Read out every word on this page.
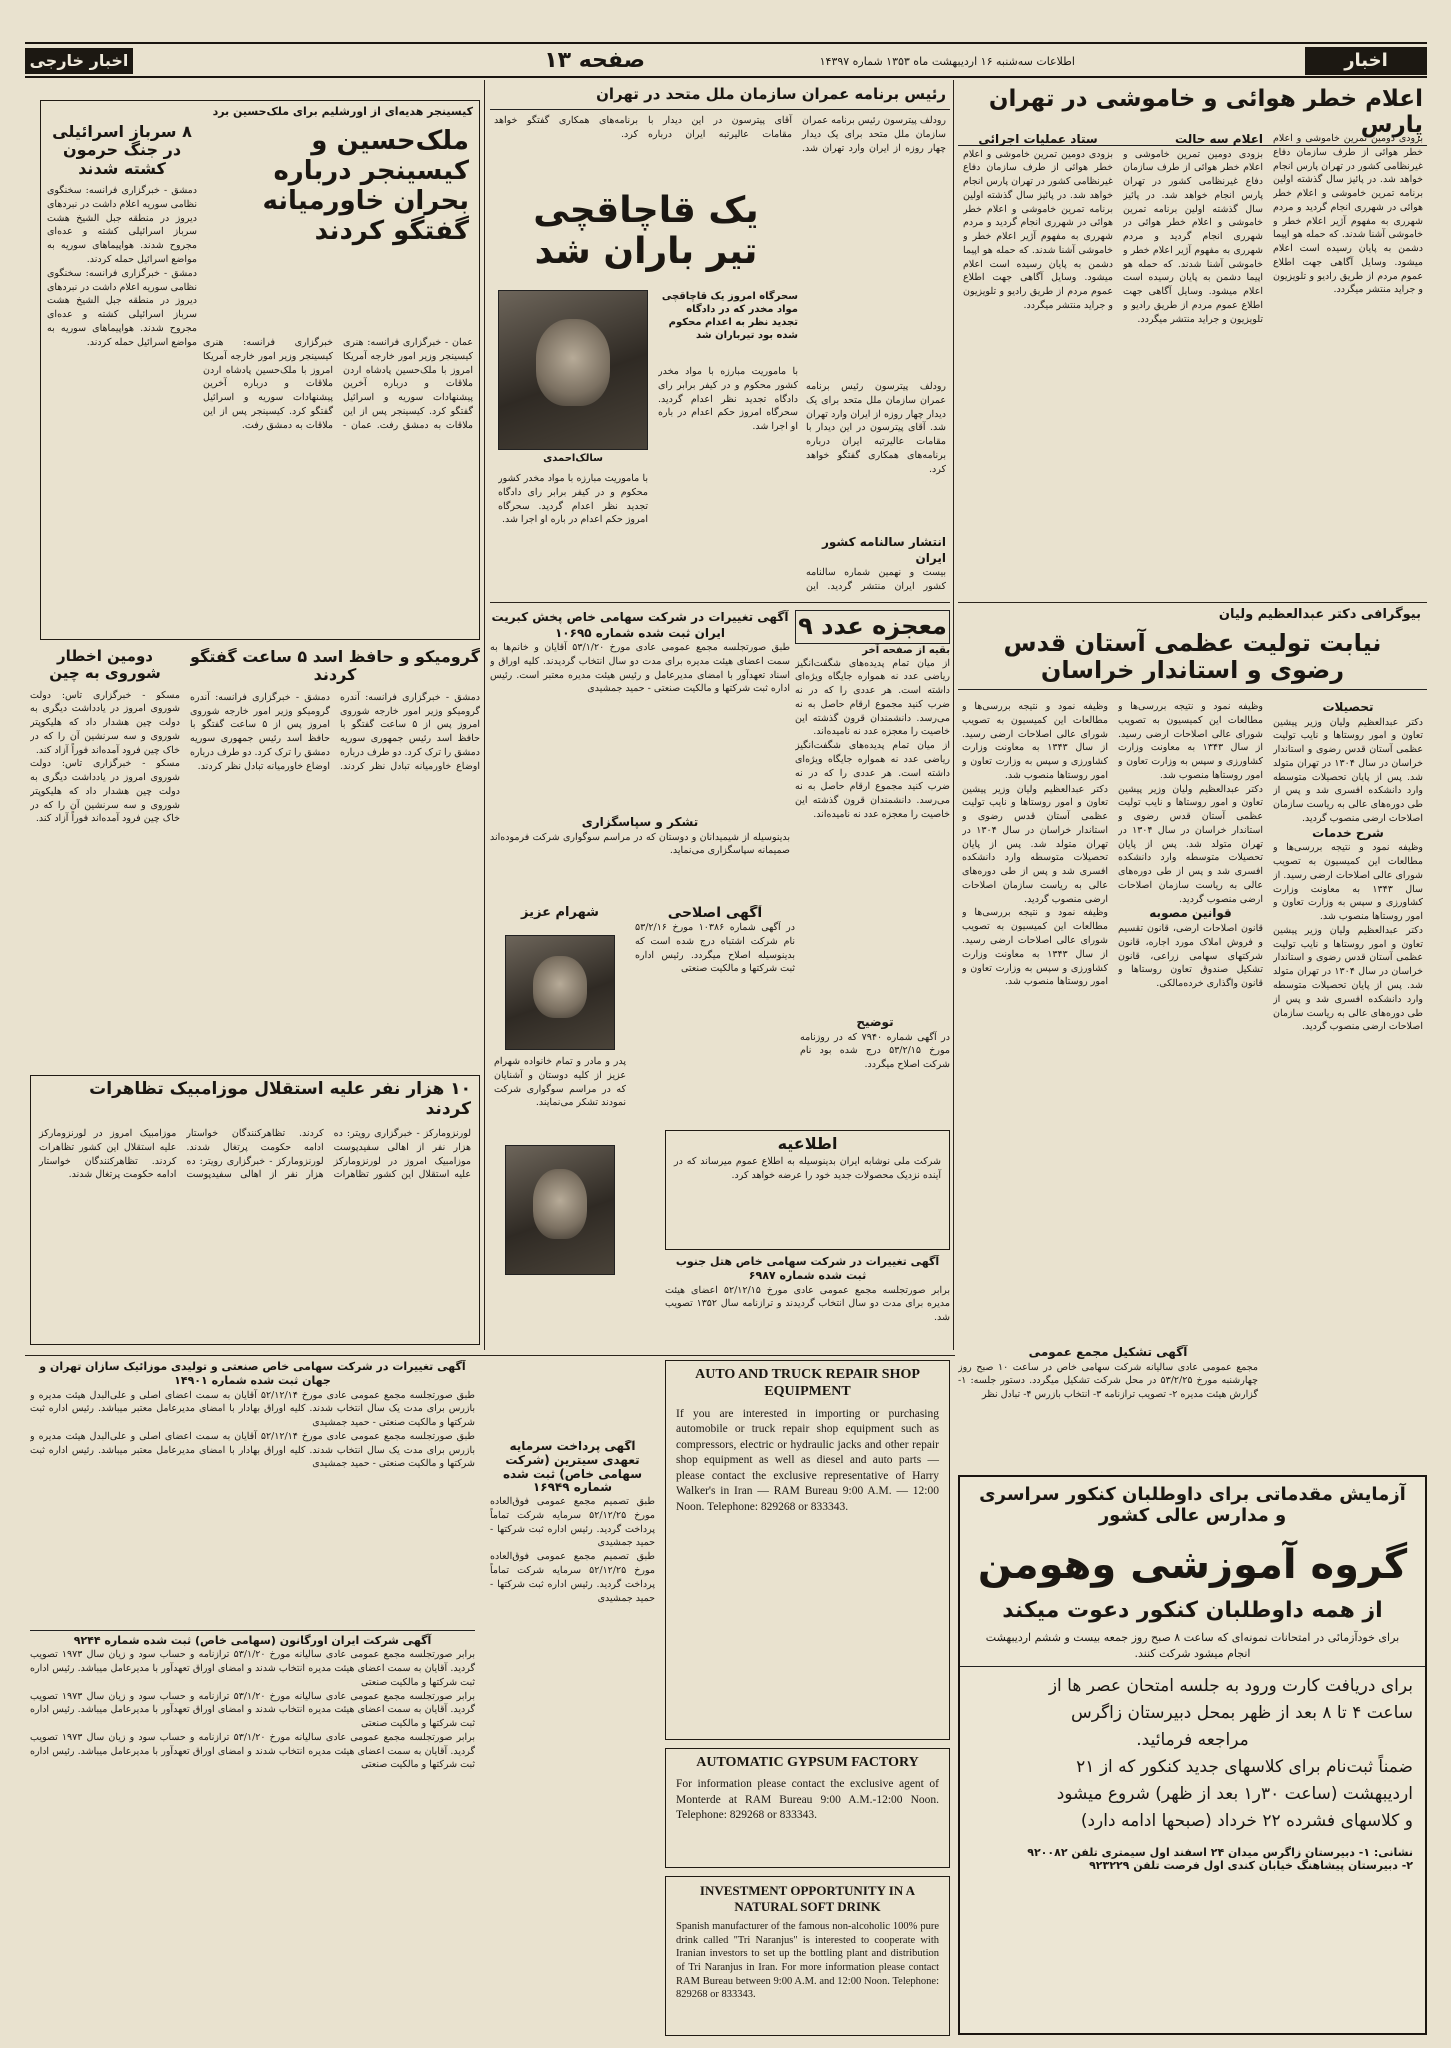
اخبار خارجی	صفحه ۱۳	اطلاعات سه‌شنبه ۱۶ اردیبهشت ماه ۱۳۵۳ شماره ۱۴۳۹۷	اخبار
اعلام خطر هوائی و خاموشی در تهران پارس
بزودی دومین تمرین خاموشی و اعلام خطر هوائی از طرف سازمان دفاع غیرنظامی کشور در تهران پارس انجام خواهد شد. در پائیز سال گذشته اولین برنامه تمرین خاموشی و اعلام خطر هوائی در شهرری انجام گردید و مردم شهرری به مفهوم آژیر اعلام خطر و خاموشی آشنا شدند. که حمله هو اپیما دشمن به پایان رسیده است اعلام میشود. وسایل آگاهی جهت اطلاع عموم مردم از طریق رادیو و تلویزیون و جراید منتشر میگردد.
اعلام سه حالت
بزودی دومین تمرین خاموشی و اعلام خطر هوائی از طرف سازمان دفاع غیرنظامی کشور در تهران پارس انجام خواهد شد. در پائیز سال گذشته اولین برنامه تمرین خاموشی و اعلام خطر هوائی در شهرری انجام گردید و مردم شهرری به مفهوم آژیر اعلام خطر و خاموشی آشنا شدند. که حمله هو اپیما دشمن به پایان رسیده است اعلام میشود. وسایل آگاهی جهت اطلاع عموم مردم از طریق رادیو و تلویزیون و جراید منتشر میگردد.
ستاد عملیات اجرائی
بزودی دومین تمرین خاموشی و اعلام خطر هوائی از طرف سازمان دفاع غیرنظامی کشور در تهران پارس انجام خواهد شد. در پائیز سال گذشته اولین برنامه تمرین خاموشی و اعلام خطر هوائی در شهرری انجام گردید و مردم شهرری به مفهوم آژیر اعلام خطر و خاموشی آشنا شدند. که حمله هو اپیما دشمن به پایان رسیده است اعلام میشود. وسایل آگاهی جهت اطلاع عموم مردم از طریق رادیو و تلویزیون و جراید منتشر میگردد.
رئیس برنامه عمران سازمان ملل متحد در تهران
رودلف پیترسون رئیس برنامه عمران سازمان ملل متحد برای یک دیدار چهار روزه از ایران وارد تهران شد. آقای پیترسون در این دیدار با مقامات عالیرتبه ایران درباره برنامه‌های همکاری گفتگو خواهد کرد.
رودلف پیترسون رئیس برنامه عمران سازمان ملل متحد برای یک دیدار چهار روزه از ایران وارد تهران شد. آقای پیترسون در این دیدار با مقامات عالیرتبه ایران درباره برنامه‌های همکاری گفتگو خواهد کرد.
انتشار سالنامه کشور ایران
بیست و نهمین شماره سالنامه کشور ایران منتشر گردید. این
یک قاچاقچی
تیر باران شد
سالک‌احمدی
سحرگاه امروز یک قاچاقچی مواد مخدر که در دادگاه تجدید نظر به اعدام محکوم شده بود تیرباران شد
با ماموریت مبارزه با مواد مخدر کشور محکوم و در کیفر برابر رای دادگاه تجدید نظر اعدام گردید. سحرگاه امروز حکم اعدام در باره او اجرا شد.
با ماموریت مبارزه با مواد مخدر کشور محکوم و در کیفر برابر رای دادگاه تجدید نظر اعدام گردید. سحرگاه امروز حکم اعدام در باره او اجرا شد.
کیسینجر هدیه‌ای از اورشلیم برای ملک‌حسین برد
ملک‌حسین و کیسینجر درباره بحران خاورمیانه گفتگو کردند
عمان - خبرگزاری فرانسه: هنری کیسینجر وزیر امور خارجه آمریکا امروز با ملک‌حسین پادشاه اردن ملاقات و درباره آخرین پیشنهادات سوریه و اسرائیل گفتگو کرد. کیسینجر پس از این ملاقات به دمشق رفت. عمان - خبرگزاری فرانسه: هنری کیسینجر وزیر امور خارجه آمریکا امروز با ملک‌حسین پادشاه اردن ملاقات و درباره آخرین پیشنهادات سوریه و اسرائیل گفتگو کرد. کیسینجر پس از این ملاقات به دمشق رفت.
۸ سرباز اسرائیلی در جنگ حرمون کشته شدند
دمشق - خبرگزاری فرانسه: سخنگوی نظامی سوریه اعلام داشت در نبردهای دیروز در منطقه جبل الشیخ هشت سرباز اسرائیلی کشته و عده‌ای مجروح شدند. هواپیماهای سوریه به مواضع اسرائیل حمله کردند.
دمشق - خبرگزاری فرانسه: سخنگوی نظامی سوریه اعلام داشت در نبردهای دیروز در منطقه جبل الشیخ هشت سرباز اسرائیلی کشته و عده‌ای مجروح شدند. هواپیماهای سوریه به مواضع اسرائیل حمله کردند.
دومین اخطار شوروی به چین
مسکو - خبرگزاری تاس: دولت شوروی امروز در یادداشت دیگری به دولت چین هشدار داد که هلیکوپتر شوروی و سه سرنشین آن را که در خاک چین فرود آمده‌اند فوراً آزاد کند.
مسکو - خبرگزاری تاس: دولت شوروی امروز در یادداشت دیگری به دولت چین هشدار داد که هلیکوپتر شوروی و سه سرنشین آن را که در خاک چین فرود آمده‌اند فوراً آزاد کند.
گرومیکو و حافظ اسد ۵ ساعت گفتگو کردند
دمشق - خبرگزاری فرانسه: آندره گرومیکو وزیر امور خارجه شوروی امروز پس از ۵ ساعت گفتگو با حافظ اسد رئیس جمهوری سوریه دمشق را ترک کرد. دو طرف درباره اوضاع خاورمیانه تبادل نظر کردند. دمشق - خبرگزاری فرانسه: آندره گرومیکو وزیر امور خارجه شوروی امروز پس از ۵ ساعت گفتگو با حافظ اسد رئیس جمهوری سوریه دمشق را ترک کرد. دو طرف درباره اوضاع خاورمیانه تبادل نظر کردند.
۱۰ هزار نفر علیه استقلال موزامبیک تظاهرات کردند
لورنزومارکز - خبرگزاری رویتر: ده هزار نفر از اهالی سفیدپوست موزامبیک امروز در لورنزومارکز علیه استقلال این کشور تظاهرات کردند. تظاهرکنندگان خواستار ادامه حکومت پرتغال شدند. لورنزومارکز - خبرگزاری رویتر: ده هزار نفر از اهالی سفیدپوست موزامبیک امروز در لورنزومارکز علیه استقلال این کشور تظاهرات کردند. تظاهرکنندگان خواستار ادامه حکومت پرتغال شدند.
آگهی تغییرات در شرکت سهامی خاص پخش کبریت ایران ثبت شده شماره ۱۰۶۹۵
طبق صورتجلسه مجمع عمومی عادی مورخ ۵۳/۱/۲۰ آقایان و خانم‌ها به سمت اعضای هیئت مدیره برای مدت دو سال انتخاب گردیدند. کلیه اوراق و اسناد تعهدآور با امضای مدیرعامل و رئیس هیئت مدیره معتبر است. رئیس اداره ثبت شرکتها و مالکیت صنعتی - حمید جمشیدی
تشکر و سپاسگزاری
بدینوسیله از شیمیدانان و دوستان که در مراسم سوگواری شرکت فرموده‌اند صمیمانه سپاسگزاری می‌نماید.
معجزه عدد ۹
بقیه از صفحه آخر
از میان تمام پدیده‌های شگفت‌انگیز ریاضی عدد نه همواره جایگاه ویژه‌ای داشته است. هر عددی را که در نه ضرب کنید مجموع ارقام حاصل به نه می‌رسد. دانشمندان قرون گذشته این خاصیت را معجزه عدد نه نامیده‌اند.
از میان تمام پدیده‌های شگفت‌انگیز ریاضی عدد نه همواره جایگاه ویژه‌ای داشته است. هر عددی را که در نه ضرب کنید مجموع ارقام حاصل به نه می‌رسد. دانشمندان قرون گذشته این خاصیت را معجزه عدد نه نامیده‌اند.
شهرام عزیز
پدر و مادر و تمام خانواده شهرام عزیز از کلیه دوستان و آشنایان که در مراسم سوگواری شرکت نمودند تشکر می‌نمایند.
آگهی اصلاحی
در آگهی شماره ۱۰۳۸۶ مورخ ۵۳/۲/۱۶ نام شرکت اشتباه درج شده است که بدینوسیله اصلاح میگردد. رئیس اداره ثبت شرکتها و مالکیت صنعتی
توضیح
در آگهی شماره ۷۹۴۰ که در روزنامه مورخ ۵۳/۲/۱۵ درج شده بود نام شرکت اصلاح میگردد.
اطلاعیه
شرکت ملی نوشابه ایران بدینوسیله به اطلاع عموم میرساند که در آینده نزدیک محصولات جدید خود را عرضه خواهد کرد.
آگهی تغییرات در شرکت سهامی خاص هتل جنوب ثبت شده شماره ۶۹۸۷
برابر صورتجلسه مجمع عمومی عادی مورخ ۵۲/۱۲/۱۵ اعضای هیئت مدیره برای مدت دو سال انتخاب گردیدند و ترازنامه سال ۱۳۵۲ تصویب شد.
بیوگرافی دکتر عبدالعظیم ولیان
نیابت تولیت عظمی آستان قدس رضوی و استاندار خراسان
تحصیلات
دکتر عبدالعظیم ولیان وزیر پیشین تعاون و امور روستاها و نایب تولیت عظمی آستان قدس رضوی و استاندار خراسان در سال ۱۳۰۴ در تهران متولد شد. پس از پایان تحصیلات متوسطه وارد دانشکده افسری شد و پس از طی دوره‌های عالی به ریاست سازمان اصلاحات ارضی منصوب گردید.
شرح خدمات
وظیفه نمود و نتیجه بررسی‌ها و مطالعات این کمیسیون به تصویب شورای عالی اصلاحات ارضی رسید. از سال ۱۳۴۳ به معاونت وزارت کشاورزی و سپس به وزارت تعاون و امور روستاها منصوب شد.
دکتر عبدالعظیم ولیان وزیر پیشین تعاون و امور روستاها و نایب تولیت عظمی آستان قدس رضوی و استاندار خراسان در سال ۱۳۰۴ در تهران متولد شد. پس از پایان تحصیلات متوسطه وارد دانشکده افسری شد و پس از طی دوره‌های عالی به ریاست سازمان اصلاحات ارضی منصوب گردید.
وظیفه نمود و نتیجه بررسی‌ها و مطالعات این کمیسیون به تصویب شورای عالی اصلاحات ارضی رسید. از سال ۱۳۴۳ به معاونت وزارت کشاورزی و سپس به وزارت تعاون و امور روستاها منصوب شد.
دکتر عبدالعظیم ولیان وزیر پیشین تعاون و امور روستاها و نایب تولیت عظمی آستان قدس رضوی و استاندار خراسان در سال ۱۳۰۴ در تهران متولد شد. پس از پایان تحصیلات متوسطه وارد دانشکده افسری شد و پس از طی دوره‌های عالی به ریاست سازمان اصلاحات ارضی منصوب گردید.
قوانین مصوبه
قانون اصلاحات ارضی، قانون تقسیم و فروش املاک مورد اجاره، قانون شرکتهای سهامی زراعی، قانون تشکیل صندوق تعاون روستاها و قانون واگذاری خرده‌مالکی.
وظیفه نمود و نتیجه بررسی‌ها و مطالعات این کمیسیون به تصویب شورای عالی اصلاحات ارضی رسید. از سال ۱۳۴۳ به معاونت وزارت کشاورزی و سپس به وزارت تعاون و امور روستاها منصوب شد.
دکتر عبدالعظیم ولیان وزیر پیشین تعاون و امور روستاها و نایب تولیت عظمی آستان قدس رضوی و استاندار خراسان در سال ۱۳۰۴ در تهران متولد شد. پس از پایان تحصیلات متوسطه وارد دانشکده افسری شد و پس از طی دوره‌های عالی به ریاست سازمان اصلاحات ارضی منصوب گردید.
وظیفه نمود و نتیجه بررسی‌ها و مطالعات این کمیسیون به تصویب شورای عالی اصلاحات ارضی رسید. از سال ۱۳۴۳ به معاونت وزارت کشاورزی و سپس به وزارت تعاون و امور روستاها منصوب شد.
آگهی تشکیل مجمع عمومی
مجمع عمومی عادی سالیانه شرکت سهامی خاص در ساعت ۱۰ صبح روز چهارشنبه مورخ ۵۳/۲/۲۵ در محل شرکت تشکیل میگردد. دستور جلسه: ۱- گزارش هیئت مدیره ۲- تصویب ترازنامه ۳- انتخاب بازرس ۴- تبادل نظر
آگهی تغییرات در شرکت سهامی خاص صنعتی و تولیدی موزائیک سازان تهران و جهان ثبت شده شماره ۱۴۹۰۱
طبق صورتجلسه مجمع عمومی عادی مورخ ۵۲/۱۲/۱۴ آقایان به سمت اعضای اصلی و علی‌البدل هیئت مدیره و بازرس برای مدت یک سال انتخاب شدند. کلیه اوراق بهادار با امضای مدیرعامل معتبر میباشد. رئیس اداره ثبت شرکتها و مالکیت صنعتی - حمید جمشیدی
طبق صورتجلسه مجمع عمومی عادی مورخ ۵۲/۱۲/۱۴ آقایان به سمت اعضای اصلی و علی‌البدل هیئت مدیره و بازرس برای مدت یک سال انتخاب شدند. کلیه اوراق بهادار با امضای مدیرعامل معتبر میباشد. رئیس اداره ثبت شرکتها و مالکیت صنعتی - حمید جمشیدی
آگهی شرکت ایران اورگانون (سهامی خاص) ثبت شده شماره ۹۲۴۴
برابر صورتجلسه مجمع عمومی عادی سالیانه مورخ ۵۳/۱/۲۰ ترازنامه و حساب سود و زیان سال ۱۹۷۳ تصویب گردید. آقایان به سمت اعضای هیئت مدیره انتخاب شدند و امضای اوراق تعهدآور با مدیرعامل میباشد. رئیس اداره ثبت شرکتها و مالکیت صنعتی
برابر صورتجلسه مجمع عمومی عادی سالیانه مورخ ۵۳/۱/۲۰ ترازنامه و حساب سود و زیان سال ۱۹۷۳ تصویب گردید. آقایان به سمت اعضای هیئت مدیره انتخاب شدند و امضای اوراق تعهدآور با مدیرعامل میباشد. رئیس اداره ثبت شرکتها و مالکیت صنعتی
برابر صورتجلسه مجمع عمومی عادی سالیانه مورخ ۵۳/۱/۲۰ ترازنامه و حساب سود و زیان سال ۱۹۷۳ تصویب گردید. آقایان به سمت اعضای هیئت مدیره انتخاب شدند و امضای اوراق تعهدآور با مدیرعامل میباشد. رئیس اداره ثبت شرکتها و مالکیت صنعتی
آگهی پرداخت سرمایه تعهدی سیترین (شرکت سهامی خاص) ثبت شده شماره ۱۶۹۴۹
طبق تصمیم مجمع عمومی فوق‌العاده مورخ ۵۲/۱۲/۲۵ سرمایه شرکت تماماً پرداخت گردید. رئیس اداره ثبت شرکتها - حمید جمشیدی
طبق تصمیم مجمع عمومی فوق‌العاده مورخ ۵۲/۱۲/۲۵ سرمایه شرکت تماماً پرداخت گردید. رئیس اداره ثبت شرکتها - حمید جمشیدی
AUTO AND TRUCK REPAIR SHOP EQUIPMENT
If you are interested in importing or purchasing automobile or truck repair shop equipment such as compressors, electric or hydraulic jacks and other repair shop equipment as well as diesel and auto parts — please contact the exclusive representative of Harry Walker's in Iran — RAM Bureau 9:00 A.M. — 12:00 Noon. Telephone: 829268 or 833343.
AUTOMATIC GYPSUM FACTORY
For information please contact the exclusive agent of Monterde at RAM Bureau 9:00 A.M.-12:00 Noon. Telephone: 829268 or 833343.
INVESTMENT OPPORTUNITY IN A NATURAL SOFT DRINK
Spanish manufacturer of the famous non-alcoholic 100% pure drink called "Tri Naranjus" is interested to cooperate with Iranian investors to set up the bottling plant and distribution of Tri Naranjus in Iran. For more information please contact RAM Bureau between 9:00 A.M. and 12:00 Noon. Telephone: 829268 or 833343.
آزمایش مقدماتی برای داوطلبان کنکور سراسری و مدارس عالی کشور
گروه آموزشی وهومن
از همه داوطلبان کنکور دعوت میکند
برای خودآزمائی در امتحانات نمونه‌ای که ساعت ۸ صبح روز جمعه بیست و ششم اردیبهشت انجام میشود شرکت کنند.
برای دریافت کارت ورود به جلسه امتحان عصر ها از
ساعت ۴ تا ۸ بعد از ظهر بمحل دبیرستان زاگرس
مراجعه فرمائید.
ضمناً ثبت‌نام برای کلاسهای جدید کنکور که از ۲۱
اردیبهشت (ساعت ۳۰ر۱ بعد از ظهر) شروع میشود
و کلاسهای فشرده ۲۲ خرداد (صبحها ادامه دارد)
نشانی: ۱- دبیرستان زاگرس میدان ۲۴ اسفند اول سیمتری تلفن ۹۲۰۰۸۲
۲- دبیرستان پیشاهنگ خیابان کندی اول فرصت تلفن ۹۲۳۲۲۹
